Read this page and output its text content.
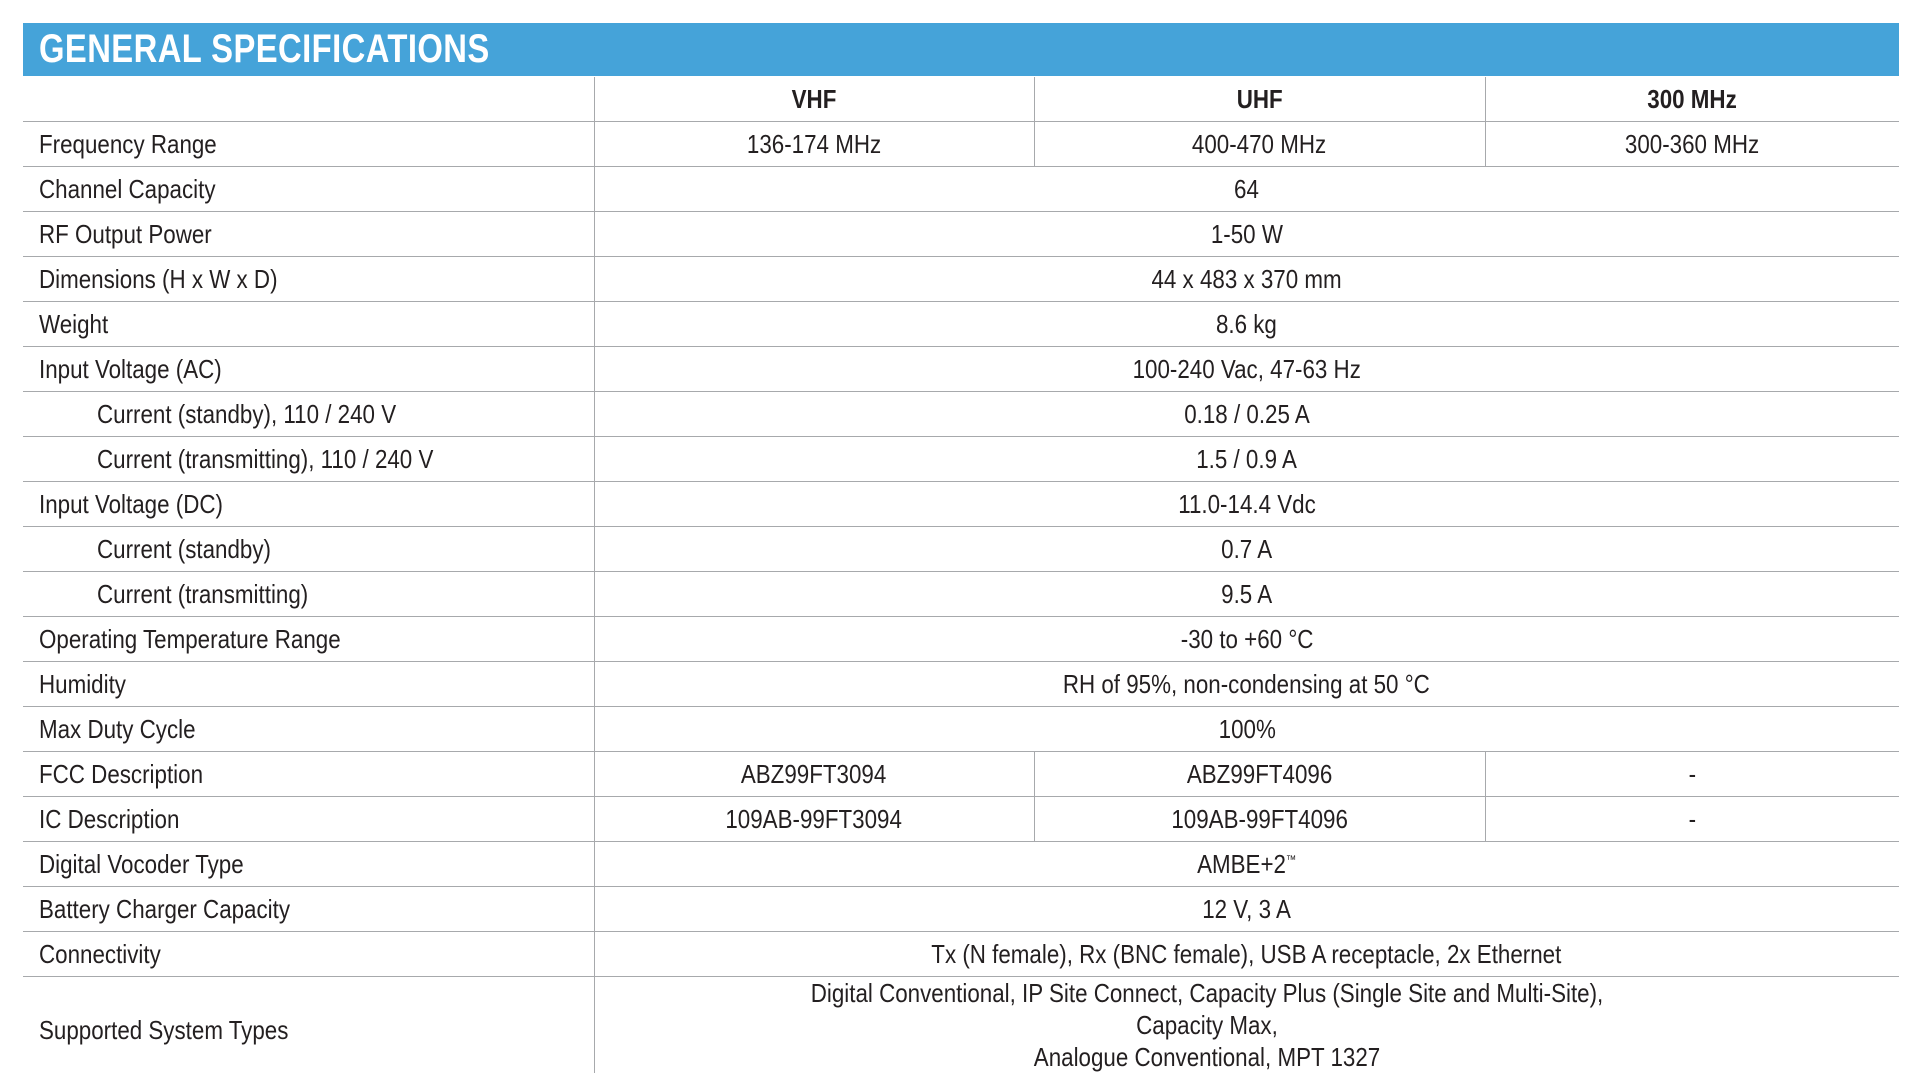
GENERAL SPECIFICATIONS
	VHF	UHF	300 MHz
Frequency Range	136-174 MHz	400-470 MHz	300-360 MHz
Channel Capacity	64		
RF Output Power	1-50 W		
Dimensions (H x W x D)	44 x 483 x 370 mm		
Weight	8.6 kg		
Input Voltage (AC)	100-240 Vac, 47-63 Hz		
Current (standby), 110 / 240 V	0.18 / 0.25 A		
Current (transmitting), 110 / 240 V	1.5 / 0.9 A		
Input Voltage (DC)	11.0-14.4 Vdc		
Current (standby)	0.7 A		
Current (transmitting)	9.5 A		
Operating Temperature Range	-30 to +60 °C		
Humidity	RH of 95%, non-condensing at 50 °C		
Max Duty Cycle	100%		
FCC Description	ABZ99FT3094	ABZ99FT4096	-
IC Description	109AB-99FT3094	109AB-99FT4096	-
Digital Vocoder Type	AMBE+2™
Battery Charger Capacity	12 V, 3 A		
Connectivity	Tx (N female), Rx (BNC female), USB A receptacle, 2x Ethernet		
Supported System Types	Digital Conventional, IP Site Connect, Capacity Plus (Single Site and Multi-Site), Capacity Max,
Analogue Conventional, MPT 1327		
